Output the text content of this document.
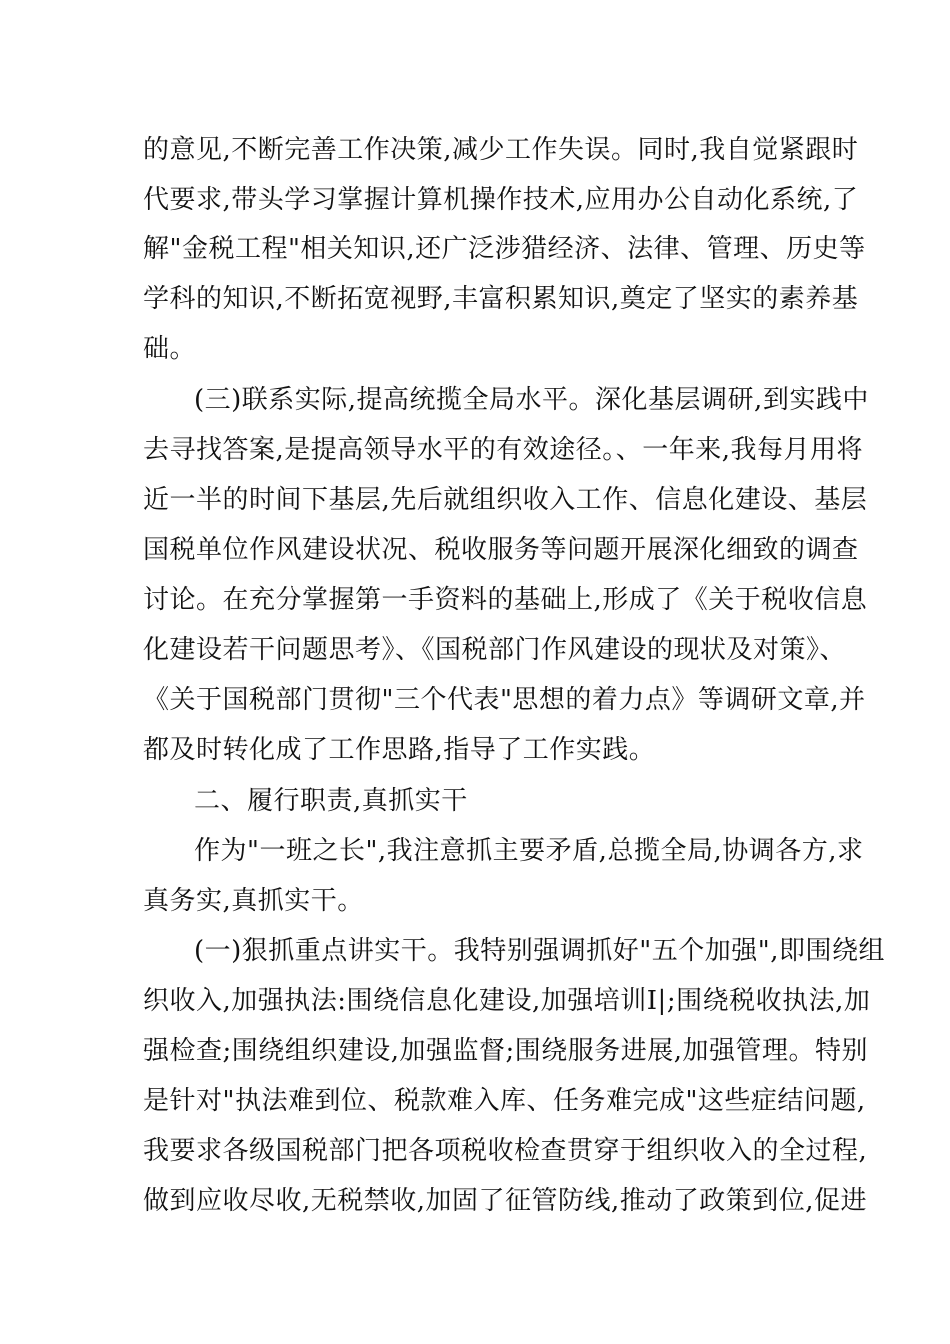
的意见,不断完善工作决策,减少工作失误。同时,我自觉紧跟时
代要求,带头学习掌握计算机操作技术,应用办公自动化系统,了
解"金税工程"相关知识,还广泛涉猎经济、法律、管理、历史等
学科的知识,不断拓宽视野,丰富积累知识,奠定了坚实的素养基
础。
(三)联系实际,提高统揽全局水平。深化基层调研,到实践中
去寻找答案,是提高领导水平的有效途径。、一年来,我每月用将
近一半的时间下基层,先后就组织收入工作、信息化建设、基层
国税单位作风建设状况、税收服务等问题开展深化细致的调查
讨论。在充分掌握第一手资料的基础上,形成了《关于税收信息
化建设若干问题思考》、《国税部门作风建设的现状及对策》、
《关于国税部门贯彻"三个代表"思想的着力点》等调研文章,并
都及时转化成了工作思路,指导了工作实践。
二、履行职责,真抓实干
作为"一班之长",我注意抓主要矛盾,总揽全局,协调各方,求
真务实,真抓实干。
(一)狠抓重点讲实干。我特别强调抓好"五个加强",即围绕组
织收入,加强执法:围绕信息化建设,加强培训I|;围绕税收执法,加
强检查;围绕组织建设,加强监督;围绕服务进展,加强管理。特别
是针对"执法难到位、税款难入库、任务难完成"这些症结问题,
我要求各级国税部门把各项税收检查贯穿于组织收入的全过程,
做到应收尽收,无税禁收,加固了征管防线,推动了政策到位,促进
